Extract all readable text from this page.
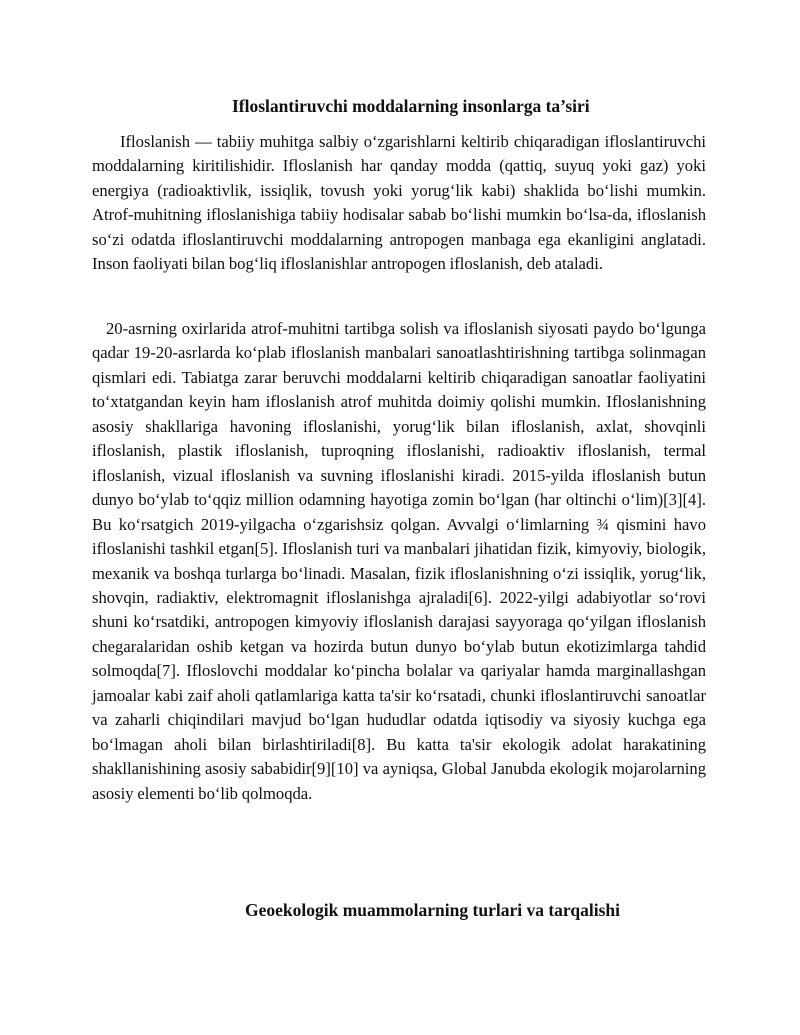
Ifloslantiruvchi moddalarning insonlarga ta’siri

Ifloslanish — tabiiy muhitga salbiy oʻzgarishlarni keltirib chiqaradigan ifloslantiruvchi moddalarning kiritilishidir. Ifloslanish har qanday modda (qattiq, suyuq yoki gaz) yoki energiya (radioaktivlik, issiqlik, tovush yoki yorugʻlik kabi) shaklida boʻlishi mumkin. Atrof-muhitning ifloslanishiga tabiiy hodisalar sabab boʻlishi mumkin boʻlsa-da, ifloslanish soʻzi odatda ifloslantiruvchi moddalarning antropogen manbaga ega ekanligini anglatadi. Inson faoliyati bilan bogʻliq ifloslanishlar antropogen ifloslanish, deb ataladi.

20-asrning oxirlarida atrof-muhitni tartibga solish va ifloslanish siyosati paydo boʻlgunga qadar 19-20-asrlarda koʻplab ifloslanish manbalari sanoatlashtirishning tartibga solinmagan qismlari edi. Tabiatga zarar beruvchi moddalarni keltirib chiqaradigan sanoatlar faoliyatini toʻxtatgandan keyin ham ifloslanish atrof muhitda doimiy qolishi mumkin. Ifloslanishning asosiy shakllariga havoning ifloslanishi, yorugʻlik bilan ifloslanish, axlat, shovqinli ifloslanish, plastik ifloslanish, tuproqning ifloslanishi, radioaktiv ifloslanish, termal ifloslanish, vizual ifloslanish va suvning ifloslanishi kiradi. 2015-yilda ifloslanish butun dunyo boʻylab toʻqqiz million odamning hayotiga zomin boʻlgan (har oltinchi oʻlim)[3][4]. Bu koʻrsatgich 2019-yilgacha oʻzgarishsiz qolgan. Avvalgi oʻlimlarning ¾ qismini havo ifloslanishi tashkil etgan[5]. Ifloslanish turi va manbalari jihatidan fizik, kimyoviy, biologik, mexanik va boshqa turlarga boʻlinadi. Masalan, fizik ifloslanishning oʻzi issiqlik, yorugʻlik, shovqin, radiaktiv, elektromagnit ifloslanishga ajraladi[6]. 2022-yilgi adabiyotlar soʻrovi shuni koʻrsatdiki, antropogen kimyoviy ifloslanish darajasi sayyoraga qoʻyilgan ifloslanish chegaralaridan oshib ketgan va hozirda butun dunyo boʻylab butun ekotizimlarga tahdid solmoqda[7]. Ifloslovchi moddalar koʻpincha bolalar va qariyalar hamda marginallashgan jamoalar kabi zaif aholi qatlamlariga katta ta'sir koʻrsatadi, chunki ifloslantiruvchi sanoatlar va zaharli chiqindilari mavjud boʻlgan hududlar odatda iqtisodiy va siyosiy kuchga ega boʻlmagan aholi bilan birlashtiriladi[8]. Bu katta ta'sir ekologik adolat harakatining shakllanishining asosiy sababidir[9][10] va ayniqsa, Global Janubda ekologik mojarolarning asosiy elementi boʻlib qolmoqda.

Geoekologik muammolarning turlari va tarqalishi
